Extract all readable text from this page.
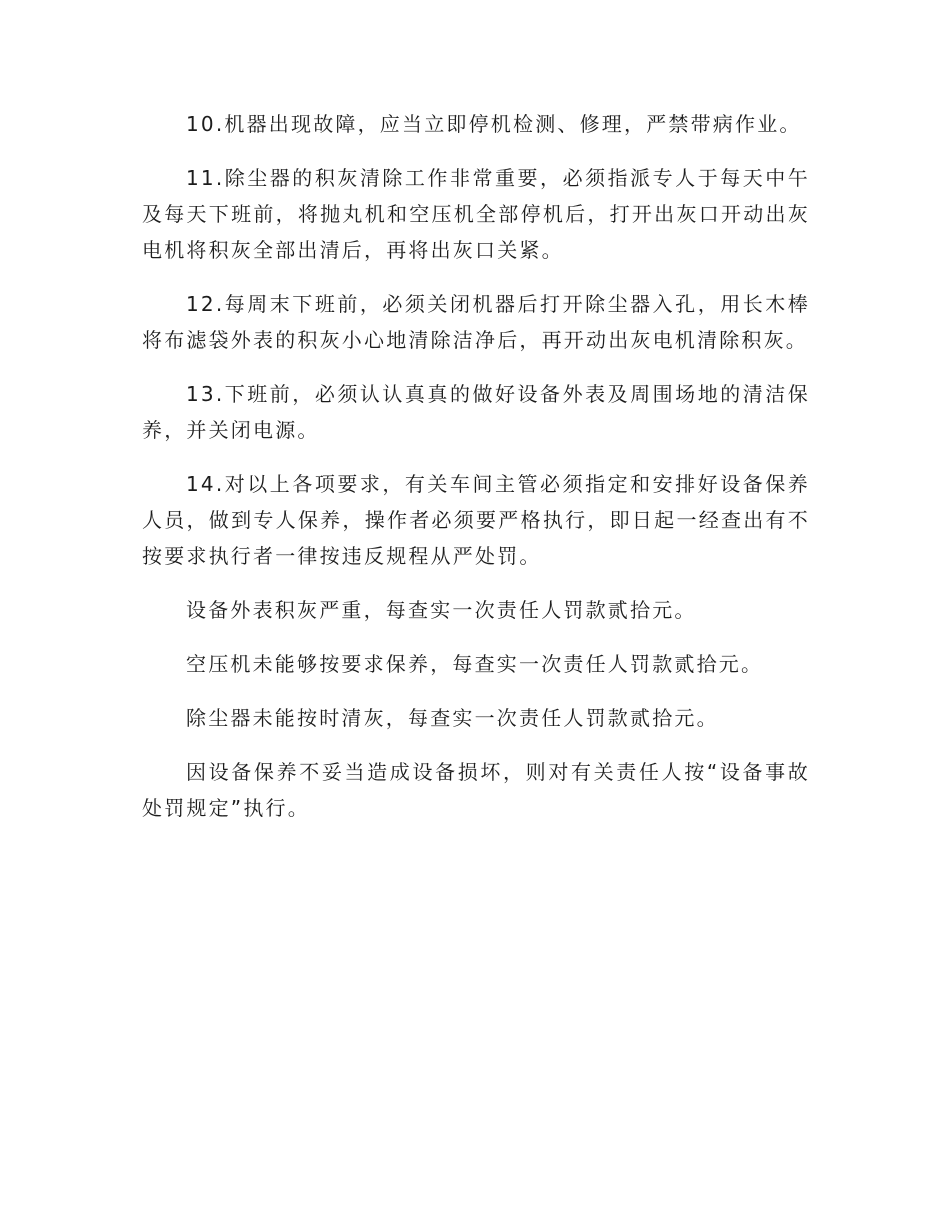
10.机器出现故障，应当立即停机检测、修理，严禁带病作业。

11.除尘器的积灰清除工作非常重要，必须指派专人于每天中午及每天下班前，将抛丸机和空压机全部停机后，打开出灰口开动出灰电机将积灰全部出清后，再将出灰口关紧。

12.每周末下班前，必须关闭机器后打开除尘器入孔，用长木棒将布滤袋外表的积灰小心地清除洁净后，再开动出灰电机清除积灰。

13.下班前，必须认认真真的做好设备外表及周围场地的清洁保养，并关闭电源。

14.对以上各项要求，有关车间主管必须指定和安排好设备保养人员，做到专人保养，操作者必须要严格执行，即日起一经查出有不按要求执行者一律按违反规程从严处罚。

设备外表积灰严重，每查实一次责任人罚款贰拾元。

空压机未能够按要求保养，每查实一次责任人罚款贰拾元。

除尘器未能按时清灰，每查实一次责任人罚款贰拾元。

因设备保养不妥当造成设备损坏，则对有关责任人按“设备事故处罚规定”执行。
